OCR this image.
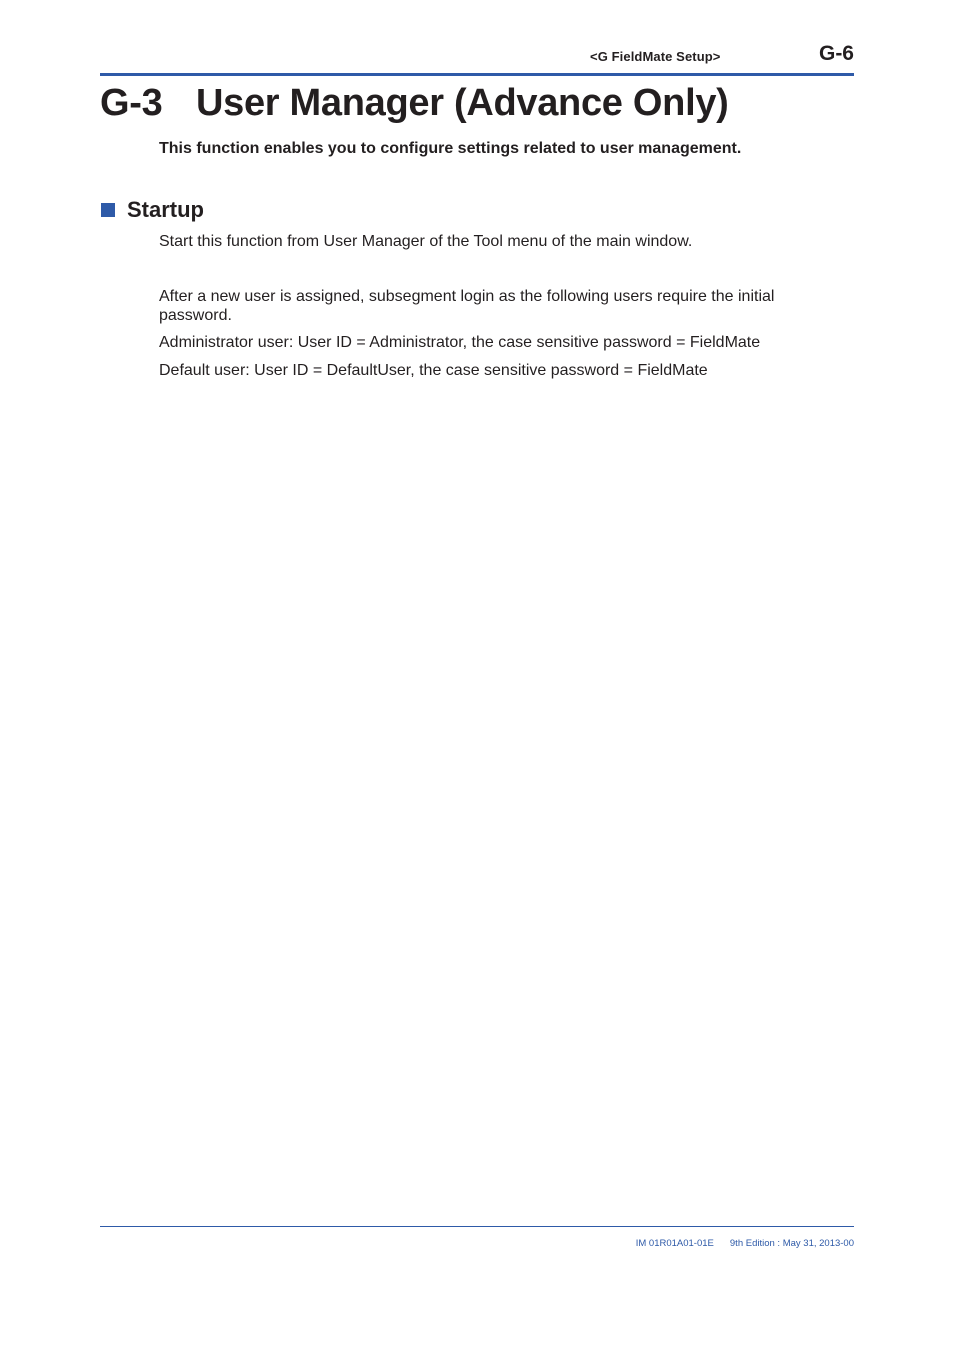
<G FieldMate Setup>	G-6
G-3 User Manager (Advance Only)

This function enables you to configure settings related to user management.

Startup

Start this function from User Manager of the Tool menu of the main window.

After a new user is assigned, subsegment login as the following users require the initial password.

Administrator user: User ID = Administrator, the case sensitive password = FieldMate

Default user: User ID = DefaultUser, the case sensitive password = FieldMate

IM 01R01A01-01E 9th Edition : May 31, 2013-00
